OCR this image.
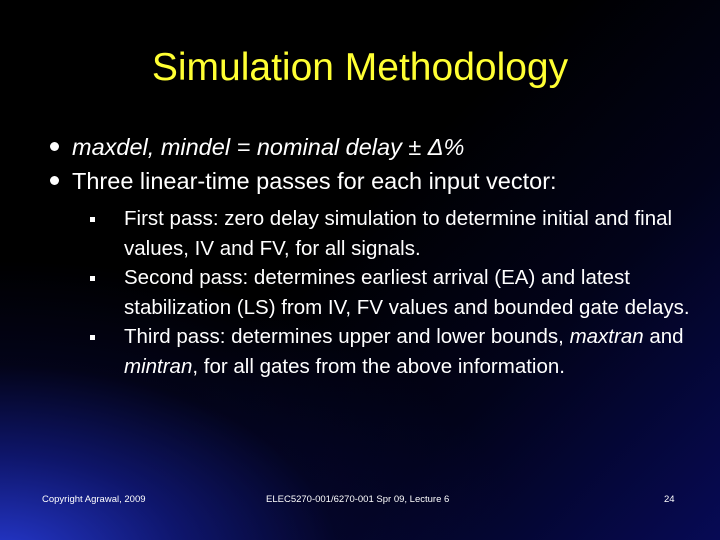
Simulation Methodology
maxdel, mindel = nominal delay ± Δ%
Three linear-time passes for each input vector:
First pass: zero delay simulation to determine initial and final values, IV and FV, for all signals.
Second pass: determines earliest arrival (EA) and latest stabilization (LS) from IV, FV values and bounded gate delays.
Third pass: determines upper and lower bounds, maxtran and mintran, for all gates from the above information.
Copyright Agrawal, 2009	ELEC5270-001/6270-001 Spr 09, Lecture 6	24
